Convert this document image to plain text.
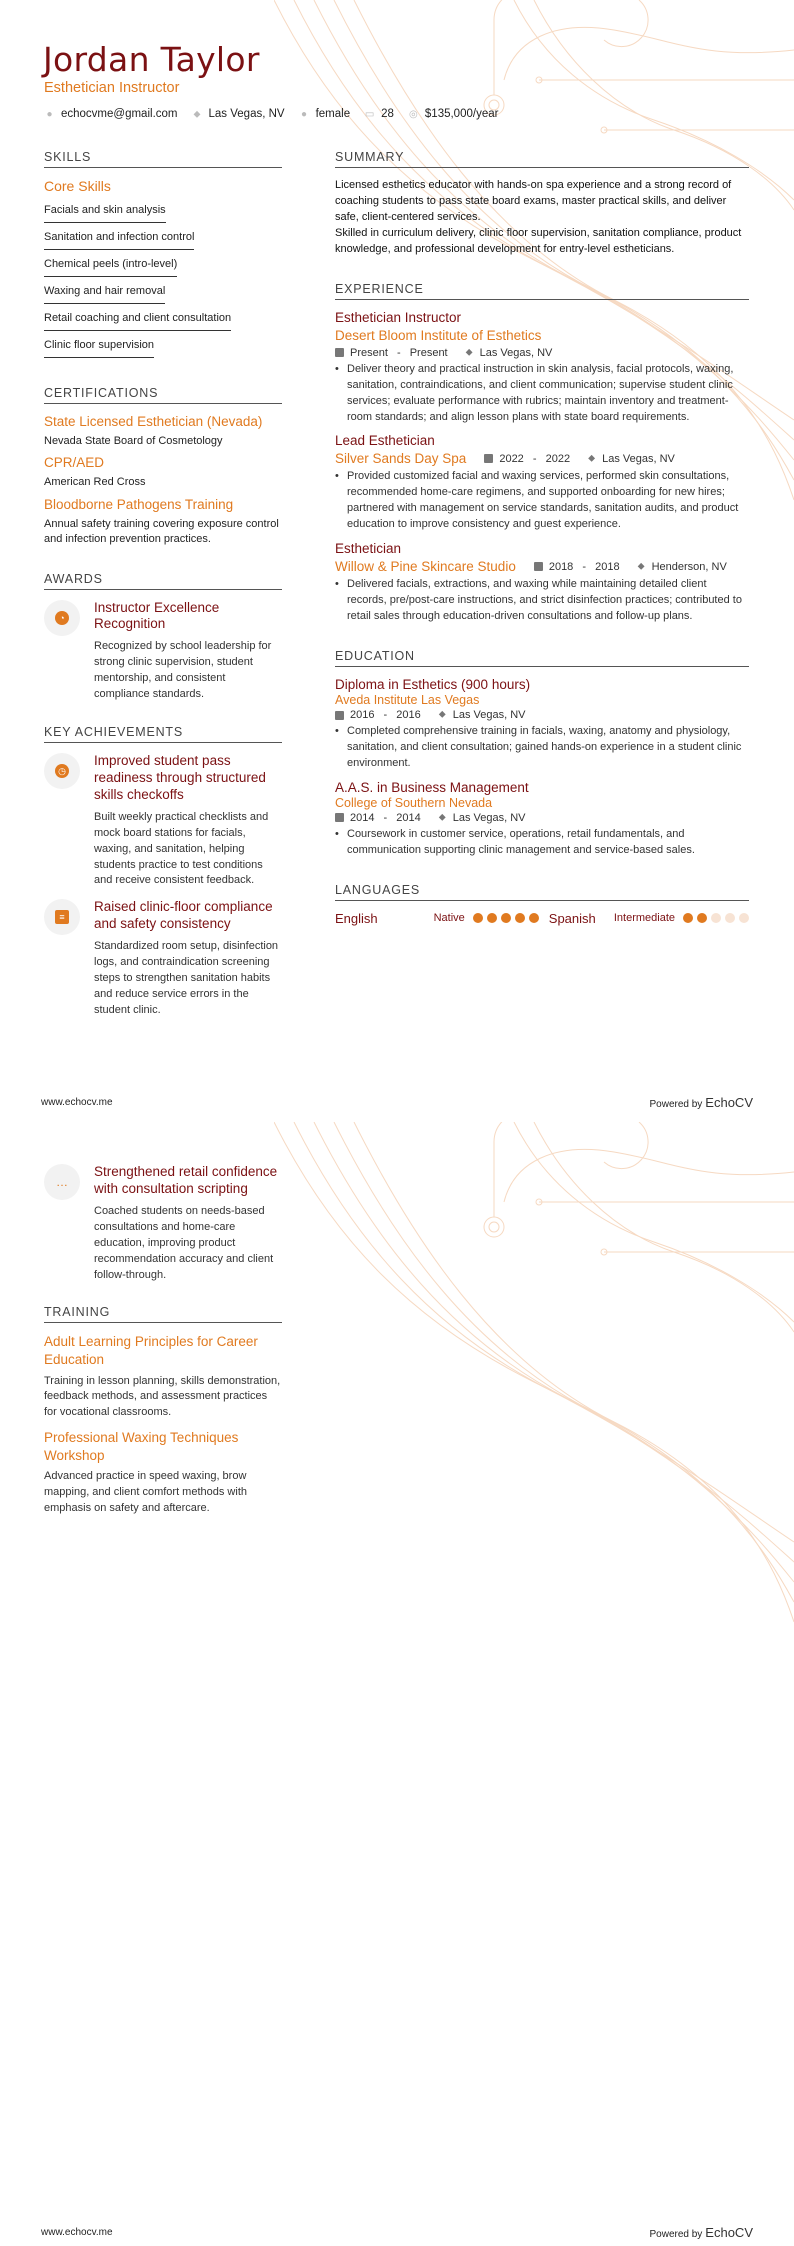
Jordan Taylor
Esthetician Instructor
● echocvme@gmail.com ⬥ Las Vegas, NV ● female ▭ 28 ◎ $135,000/year
SKILLS
Core Skills
Facials and skin analysis
Sanitation and infection control
Chemical peels (intro-level)
Waxing and hair removal
Retail coaching and client consultation
Clinic floor supervision
CERTIFICATIONS
State Licensed Esthetician (Nevada)
Nevada State Board of Cosmetology
CPR/AED
American Red Cross
Bloodborne Pathogens Training
Annual safety training covering exposure control and infection prevention practices.
AWARDS
◔
Instructor Excellence Recognition
Recognized by school leadership for strong clinic supervision, student mentorship, and consistent compliance standards.
KEY ACHIEVEMENTS
◷
Improved student pass readiness through structured skills checkoffs
Built weekly practical checklists and mock board stations for facials, waxing, and sanitation, helping students practice to test conditions and receive consistent feedback.
≡
Raised clinic-floor compliance and safety consistency
Standardized room setup, disinfection logs, and contraindication screening steps to strengthen sanitation habits and reduce service errors in the student clinic.
SUMMARY

Licensed esthetics educator with hands-on spa experience and a strong record of coaching students to pass state board exams, master practical skills, and deliver safe, client-centered services.

Skilled in curriculum delivery, clinic floor supervision, sanitation compliance, product knowledge, and professional development for entry-level estheticians.

EXPERIENCE
Esthetician Instructor
Desert Bloom Institute of Esthetics
Present - Present ⬥ Las Vegas, NV
• Deliver theory and practical instruction in skin analysis, facial protocols, waxing, sanitation, contraindications, and client communication; supervise student clinic services; evaluate performance with rubrics; maintain inventory and treatment-room standards; and align lesson plans with state board requirements.
Lead Esthetician
Silver Sands Day Spa	2022 - 2022 ⬥ Las Vegas, NV
• Provided customized facial and waxing services, performed skin consultations, recommended home-care regimens, and supported onboarding for new hires; partnered with management on service standards, sanitation audits, and product education to improve consistency and guest experience.
Esthetician
Willow & Pine Skincare Studio	2018 - 2018 ⬥ Henderson, NV
• Delivered facials, extractions, and waxing while maintaining detailed client records, pre/post-care instructions, and strict disinfection practices; contributed to retail sales through education-driven consultations and follow-up plans.
EDUCATION
Diploma in Esthetics (900 hours)
Aveda Institute Las Vegas
2016 - 2016 ⬥ Las Vegas, NV
• Completed comprehensive training in facials, waxing, anatomy and physiology, sanitation, and client consultation; gained hands-on experience in a student clinic environment.
A.A.S. in Business Management
College of Southern Nevada
2014 - 2014 ⬥ Las Vegas, NV
• Coursework in customer service, operations, retail fundamentals, and communication supporting clinic management and service-based sales.
LANGUAGES
English	Native	Spanish	Intermediate
www.echocv.me	Powered by EchoCV
…
Strengthened retail confidence with consultation scripting
Coached students on needs-based consultations and home-care education, improving product recommendation accuracy and client follow-through.
TRAINING
Adult Learning Principles for Career Education
Training in lesson planning, skills demonstration, feedback methods, and assessment practices for vocational classrooms.
Professional Waxing Techniques Workshop
Advanced practice in speed waxing, brow mapping, and client comfort methods with emphasis on safety and aftercare.
www.echocv.me	Powered by EchoCV
